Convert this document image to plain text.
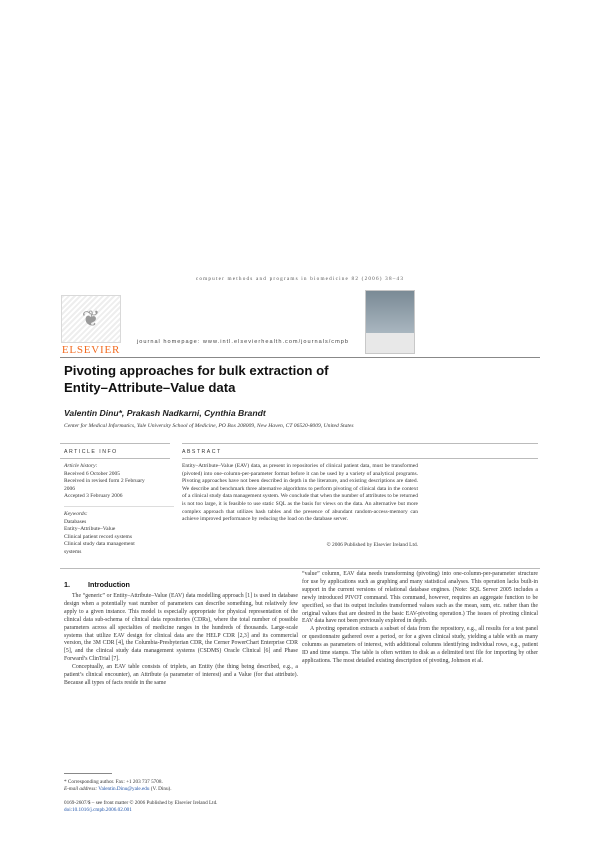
computer methods and programs in biomedicine 82 (2006) 38–43
❦
ELSEVIER
journal homepage: www.intl.elsevierhealth.com/journals/cmpb
Pivoting approaches for bulk extraction of
Entity–Attribute–Value data
Valentin Dinu*, Prakash Nadkarni, Cynthia Brandt
Center for Medical Informatics, Yale University School of Medicine, PO Box 208009, New Haven, CT 06520-8009, United States
ARTICLE INFO	ABSTRACT
Article history:
Received 6 October 2005
Received in revised form 2 February
2006
Accepted 3 February 2006
Keywords:
Databases
Entity–Attribute–Value
Clinical patient record systems
Clinical study data management
systems
Entity–Attribute–Value (EAV) data, as present in repositories of clinical patient data, must be transformed (pivoted) into one-column-per-parameter format before it can be used by a variety of analytical programs. Pivoting approaches have not been described in depth in the literature, and existing descriptions are dated. We describe and benchmark three alternative algorithms to perform pivoting of clinical data in the context of a clinical study data management system. We conclude that when the number of attributes to be returned is not too large, it is feasible to use static SQL as the basis for views on the data. An alternative but more complex approach that utilizes hash tables and the presence of abundant random-access-memory can achieve improved performance by reducing the load on the database server.
© 2006 Published by Elsevier Ireland Ltd.
1.	Introduction

The “generic” or Entity–Attribute–Value (EAV) data modelling approach [1] is used in database design when a potentially vast number of parameters can describe something, but relatively few apply to a given instance. This model is especially appropriate for physical representation of the clinical data sub-schema of clinical data repositories (CDRs), where the total number of possible parameters across all specialties of medicine ranges in the hundreds of thousands. Large-scale systems that utilize EAV design for clinical data are the HELP CDR [2,3] and its commercial version, the 3M CDR [4], the Columbia-Presbyterian CDR, the Cerner PowerChart Enterprise CDR [5], and the clinical study data management systems (CSDMS) Oracle Clinical [6] and Phase Forward’s ClinTrial [7].

Conceptually, an EAV table consists of triplets, an Entity (the thing being described, e.g., a patient’s clinical encounter), an Attribute (a parameter of interest) and a Value (for that attribute). Because all types of facts reside in the same

“value” column, EAV data needs transforming (pivoting) into one-column-per-parameter structure for use by applications such as graphing and many statistical analyses. This operation lacks built-in support in the current versions of relational database engines. (Note: SQL Server 2005 includes a newly introduced PIVOT command. This command, however, requires an aggregate function to be specified, so that its output includes transformed values such as the mean, sum, etc. rather than the original values that are desired in the basic EAV-pivoting operation.) The issues of pivoting clinical EAV data have not been previously explored in depth.

A pivoting operation extracts a subset of data from the repository, e.g., all results for a test panel or questionnaire gathered over a period, or for a given clinical study, yielding a table with as many columns as parameters of interest, with additional columns identifying individual rows, e.g., patient ID and time stamps. The table is often written to disk as a delimited text file for importing by other applications. The most detailed existing description of pivoting, Johnson et al.

* Corresponding author. Fax: +1 203 737 5708.
E-mail address: Valentin.Dinu@yale.edu (V. Dinu).
0169-2607/$ – see front matter © 2006 Published by Elsevier Ireland Ltd.
doi:10.1016/j.cmpb.2006.02.001
